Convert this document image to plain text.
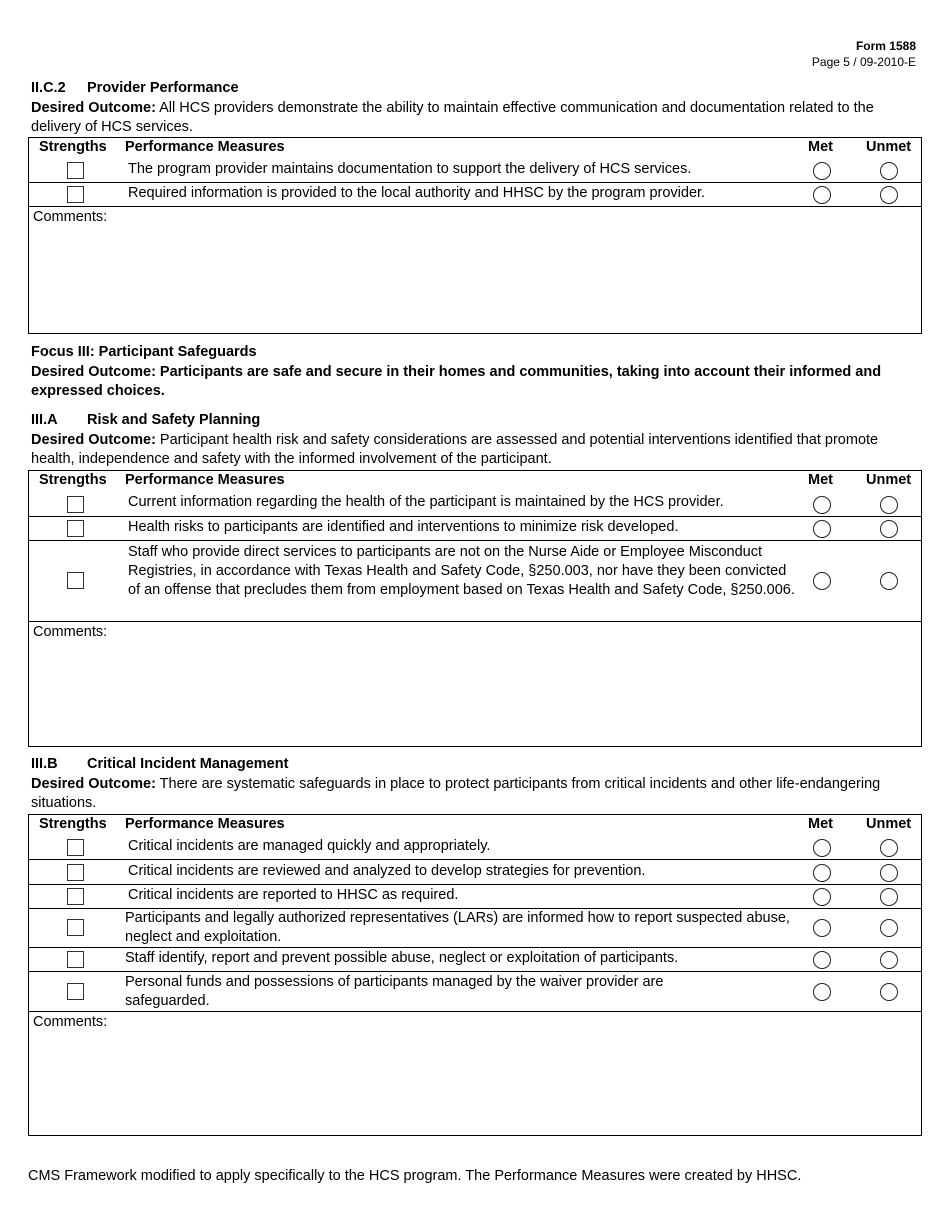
Form 1588
Page 5 / 09-2010-E
II.C.2 Provider Performance
Desired Outcome: All HCS providers demonstrate the ability to maintain effective communication and documentation related to the delivery of HCS services.
Strengths Performance Measures	Met Unmet
The program provider maintains documentation to support the delivery of HCS services.
Required information is provided to the local authority and HHSC by the program provider.
Comments:
Focus III: Participant Safeguards
Desired Outcome: Participants are safe and secure in their homes and communities, taking into account their informed and expressed choices.
III.A Risk and Safety Planning
Desired Outcome: Participant health risk and safety considerations are assessed and potential interventions identified that promote health, independence and safety with the informed involvement of the participant.
Strengths Performance Measures	Met Unmet
Current information regarding the health of the participant is maintained by the HCS provider.
Health risks to participants are identified and interventions to minimize risk developed.
Staff who provide direct services to participants are not on the Nurse Aide or Employee Misconduct Registries, in accordance with Texas Health and Safety Code, §250.003, nor have they been convicted of an offense that precludes them from employment based on Texas Health and Safety Code, §250.006.
Comments:
III.B Critical Incident Management
Desired Outcome: There are systematic safeguards in place to protect participants from critical incidents and other life-endangering situations.
Strengths Performance Measures	Met Unmet
Critical incidents are managed quickly and appropriately.
Critical incidents are reviewed and analyzed to develop strategies for prevention.
Critical incidents are reported to HHSC as required.
Participants and legally authorized representatives (LARs) are informed how to report suspected abuse, neglect and exploitation.
Staff identify, report and prevent possible abuse, neglect or exploitation of participants.
Personal funds and possessions of participants managed by the waiver provider are safeguarded.
Comments:
CMS Framework modified to apply specifically to the HCS program. The Performance Measures were created by HHSC.
